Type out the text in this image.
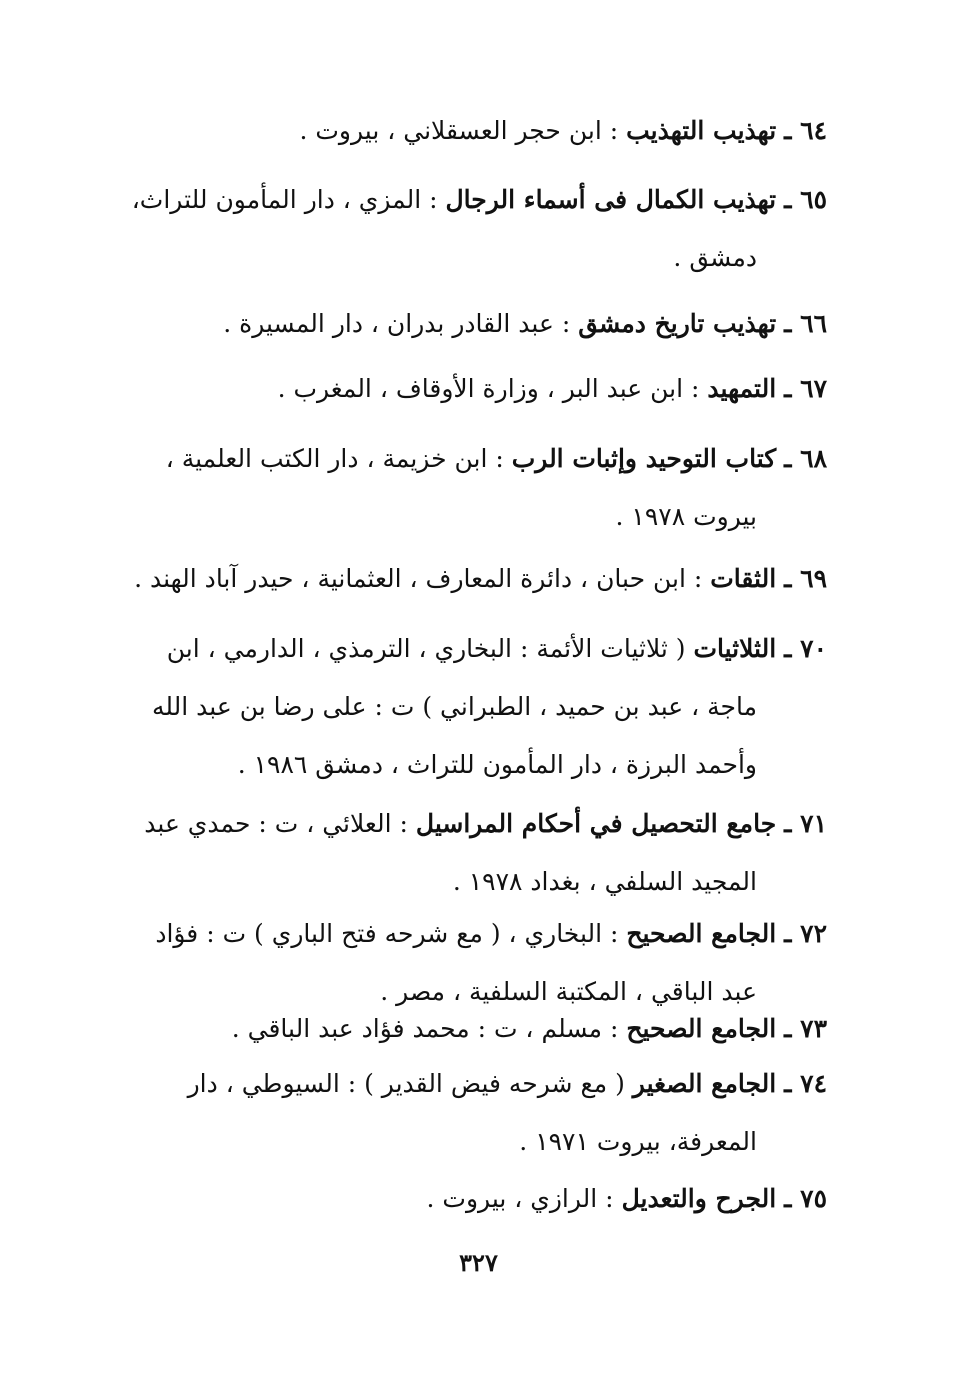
٦٤ ـ تهذيب التهذيب : ابن حجر العسقلاني ، بيروت .
٦٥ ـ تهذيب الكمال فى أسماء الرجال : المزي ، دار المأمون للتراث،
دمشق .
٦٦ ـ تهذيب تاريخ دمشق : عبد القادر بدران ، دار المسيرة .
٦٧ ـ التمهيد : ابن عبد البر ، وزارة الأوقاف ، المغرب .
٦٨ ـ كتاب التوحيد وإثبات الرب : ابن خزيمة ، دار الكتب العلمية ،
بيروت ١٩٧٨ .
٦٩ ـ الثقات : ابن حبان ، دائرة المعارف ، العثمانية ، حيدر آباد الهند .
٧٠ ـ الثلاثيات ( ثلاثيات الأئمة : البخاري ، الترمذي ، الدارمي ، ابن
ماجة ، عبد بن حميد ، الطبراني ) ت : على رضا بن عبد الله
وأحمد البرزة ، دار المأمون للتراث ، دمشق ١٩٨٦ .
٧١ ـ جامع التحصيل في أحكام المراسيل : العلائي ، ت : حمدي عبد
المجيد السلفي ، بغداد ١٩٧٨ .
٧٢ ـ الجامع الصحيح : البخاري ، ( مع شرحه فتح الباري ) ت : فؤاد
عبد الباقي ، المكتبة السلفية ، مصر .
٧٣ ـ الجامع الصحيح : مسلم ، ت : محمد فؤاد عبد الباقي .
٧٤ ـ الجامع الصغير ( مع شرحه فيض القدير ) : السيوطي ، دار
المعرفة، بيروت ١٩٧١ .
٧٥ ـ الجرح والتعديل : الرازي ، بيروت .
٣٢٧
